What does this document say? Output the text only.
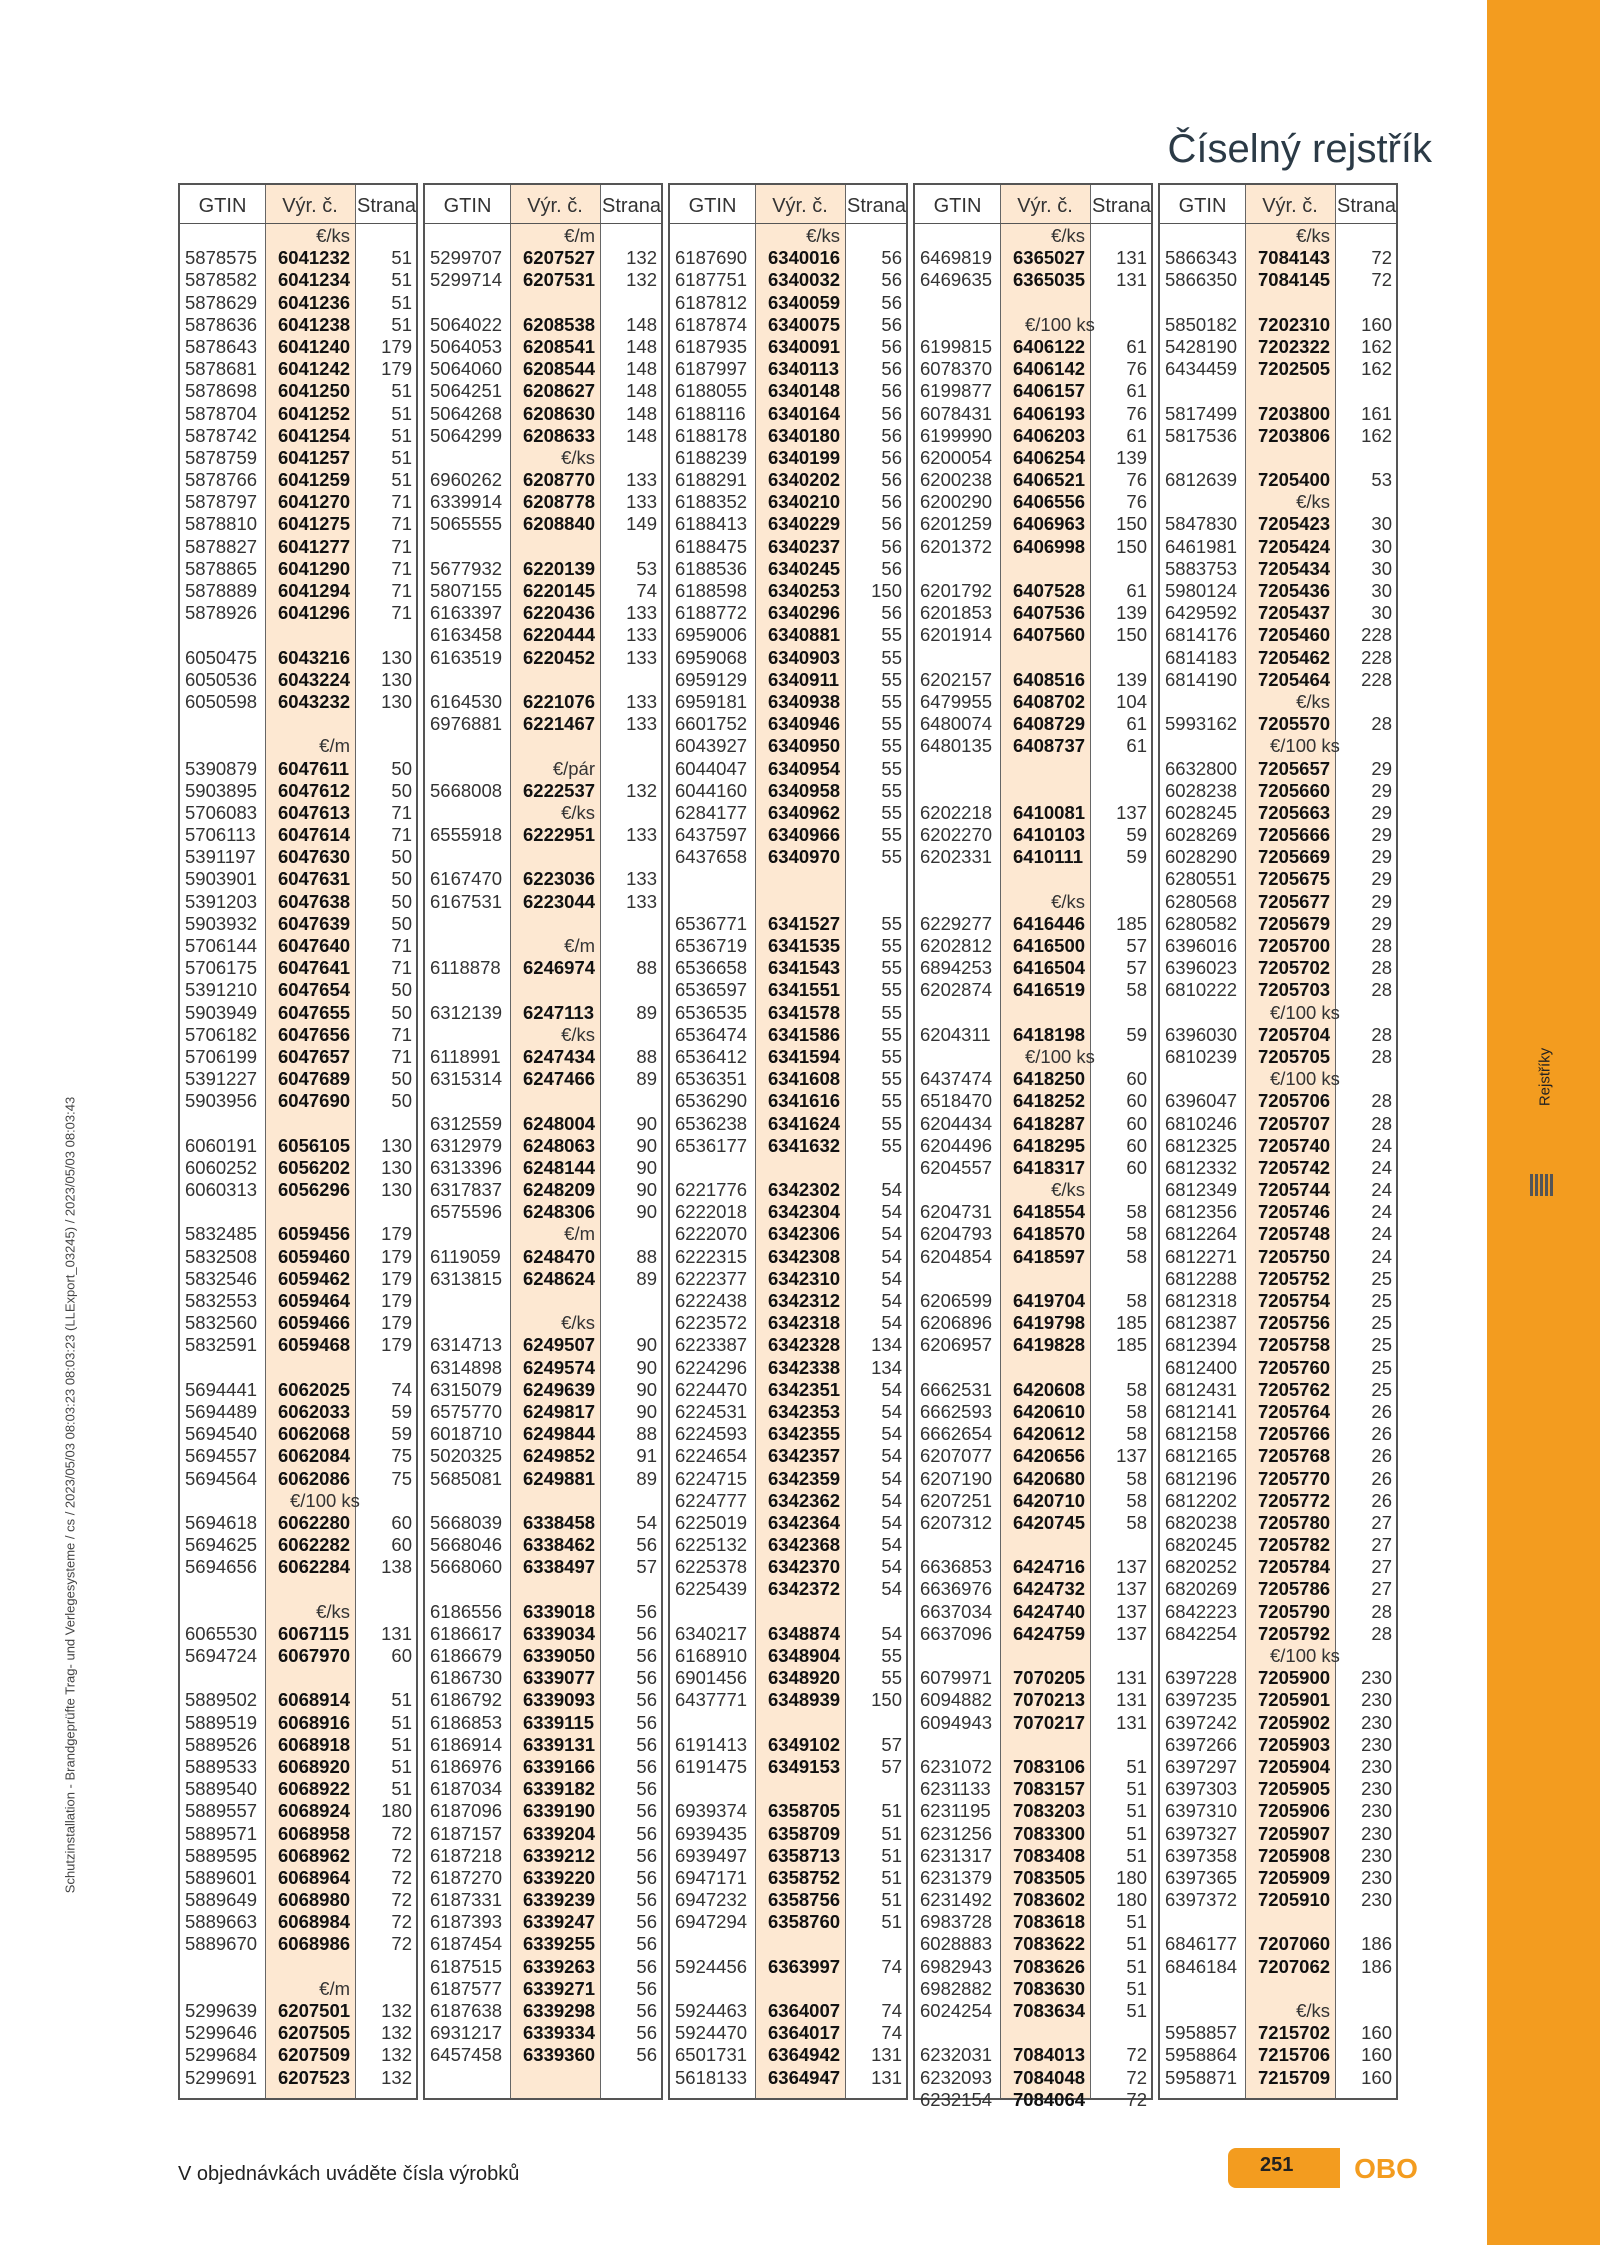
Rejstříky
Číselný rejstřík
Schutzinstallation - Brandgeprüfte Trag- und Verlegesysteme / cs / 2023/05/03 08:03:23 08:03:23 (LLExport_03245) / 2023/05/03 08:03:43
GTIN	Výr. č. Strana
€/ks
5878575 6041232 51
5878582 6041234 51
5878629 6041236 51
5878636 6041238 51
5878643 6041240 179
5878681 6041242 179
5878698 6041250 51
5878704 6041252 51
5878742 6041254 51
5878759 6041257 51
5878766 6041259 51
5878797 6041270 71
5878810 6041275 71
5878827 6041277 71
5878865 6041290 71
5878889 6041294 71
5878926 6041296 71
6050475 6043216 130
6050536 6043224 130
6050598 6043232 130
€/m
5390879 6047611 50
5903895 6047612 50
5706083 6047613 71
5706113 6047614 71
5391197 6047630 50
5903901 6047631 50
5391203 6047638 50
5903932 6047639 50
5706144 6047640 71
5706175 6047641 71
5391210 6047654 50
5903949 6047655 50
5706182 6047656 71
5706199 6047657 71
5391227 6047689 50
5903956 6047690 50
6060191 6056105 130
6060252 6056202 130
6060313 6056296 130
5832485 6059456 179
5832508 6059460 179
5832546 6059462 179
5832553 6059464 179
5832560 6059466 179
5832591 6059468 179
5694441 6062025 74
5694489 6062033 59
5694540 6062068 59
5694557 6062084 75
5694564 6062086 75
€/100 ks
5694618 6062280 60
5694625 6062282 60
5694656 6062284 138
€/ks
6065530 6067115 131
5694724 6067970 60
5889502 6068914 51
5889519 6068916 51
5889526 6068918 51
5889533 6068920 51
5889540 6068922 51
5889557 6068924 180
5889571 6068958 72
5889595 6068962 72
5889601 6068964 72
5889649 6068980 72
5889663 6068984 72
5889670 6068986 72
€/m
5299639 6207501 132
5299646 6207505 132
5299684 6207509 132
5299691 6207523 132
GTIN	Výr. č. Strana
€/m
5299707 6207527 132
5299714 6207531 132
5064022 6208538 148
5064053 6208541 148
5064060 6208544 148
5064251 6208627 148
5064268 6208630 148
5064299 6208633 148
€/ks
6960262 6208770 133
6339914 6208778 133
5065555 6208840 149
5677932 6220139 53
5807155 6220145 74
6163397 6220436 133
6163458 6220444 133
6163519 6220452 133
6164530 6221076 133
6976881 6221467 133
€/pár
5668008 6222537 132
€/ks
6555918 6222951 133
6167470 6223036 133
6167531 6223044 133
€/m
6118878 6246974 88
6312139 6247113 89
€/ks
6118991 6247434 88
6315314 6247466 89
6312559 6248004 90
6312979 6248063 90
6313396 6248144 90
6317837 6248209 90
6575596 6248306 90
€/m
6119059 6248470 88
6313815 6248624 89
€/ks
6314713 6249507 90
6314898 6249574 90
6315079 6249639 90
6575770 6249817 90
6018710 6249844 88
5020325 6249852 91
5685081 6249881 89
5668039 6338458 54
5668046 6338462 56
5668060 6338497 57
6186556 6339018 56
6186617 6339034 56
6186679 6339050 56
6186730 6339077 56
6186792 6339093 56
6186853 6339115 56
6186914 6339131 56
6186976 6339166 56
6187034 6339182 56
6187096 6339190 56
6187157 6339204 56
6187218 6339212 56
6187270 6339220 56
6187331 6339239 56
6187393 6339247 56
6187454 6339255 56
6187515 6339263 56
6187577 6339271 56
6187638 6339298 56
6931217 6339334 56
6457458 6339360 56
GTIN	Výr. č. Strana
€/ks
6187690 6340016 56
6187751 6340032 56
6187812 6340059 56
6187874 6340075 56
6187935 6340091 56
6187997 6340113 56
6188055 6340148 56
6188116 6340164 56
6188178 6340180 56
6188239 6340199 56
6188291 6340202 56
6188352 6340210 56
6188413 6340229 56
6188475 6340237 56
6188536 6340245 56
6188598 6340253 150
6188772 6340296 56
6959006 6340881 55
6959068 6340903 55
6959129 6340911 55
6959181 6340938 55
6601752 6340946 55
6043927 6340950 55
6044047 6340954 55
6044160 6340958 55
6284177 6340962 55
6437597 6340966 55
6437658 6340970 55
6536771 6341527 55
6536719 6341535 55
6536658 6341543 55
6536597 6341551 55
6536535 6341578 55
6536474 6341586 55
6536412 6341594 55
6536351 6341608 55
6536290 6341616 55
6536238 6341624 55
6536177 6341632 55
6221776 6342302 54
6222018 6342304 54
6222070 6342306 54
6222315 6342308 54
6222377 6342310 54
6222438 6342312 54
6223572 6342318 54
6223387 6342328 134
6224296 6342338 134
6224470 6342351 54
6224531 6342353 54
6224593 6342355 54
6224654 6342357 54
6224715 6342359 54
6224777 6342362 54
6225019 6342364 54
6225132 6342368 54
6225378 6342370 54
6225439 6342372 54
6340217 6348874 54
6168910 6348904 55
6901456 6348920 55
6437771 6348939 150
6191413 6349102 57
6191475 6349153 57
6939374 6358705 51
6939435 6358709 51
6939497 6358713 51
6947171 6358752 51
6947232 6358756 51
6947294 6358760 51
5924456 6363997 74
5924463 6364007 74
5924470 6364017 74
6501731 6364942 131
5618133 6364947 131
GTIN	Výr. č. Strana
€/ks
6469819 6365027 131
6469635 6365035 131
€/100 ks
6199815 6406122 61
6078370 6406142 76
6199877 6406157 61
6078431 6406193 76
6199990 6406203 61
6200054 6406254 139
6200238 6406521 76
6200290 6406556 76
6201259 6406963 150
6201372 6406998 150
6201792 6407528 61
6201853 6407536 139
6201914 6407560 150
6202157 6408516 139
6479955 6408702 104
6480074 6408729 61
6480135 6408737 61
6202218 6410081 137
6202270 6410103 59
6202331 6410111 59
€/ks
6229277 6416446 185
6202812 6416500 57
6894253 6416504 57
6202874 6416519 58
6204311 6418198 59
€/100 ks
6437474 6418250 60
6518470 6418252 60
6204434 6418287 60
6204496 6418295 60
6204557 6418317 60
€/ks
6204731 6418554 58
6204793 6418570 58
6204854 6418597 58
6206599 6419704 58
6206896 6419798 185
6206957 6419828 185
6662531 6420608 58
6662593 6420610 58
6662654 6420612 58
6207077 6420656 137
6207190 6420680 58
6207251 6420710 58
6207312 6420745 58
6636853 6424716 137
6636976 6424732 137
6637034 6424740 137
6637096 6424759 137
6079971 7070205 131
6094882 7070213 131
6094943 7070217 131
6231072 7083106 51
6231133 7083157 51
6231195 7083203 51
6231256 7083300 51
6231317 7083408 51
6231379 7083505 180
6231492 7083602 180
6983728 7083618 51
6028883 7083622 51
6982943 7083626 51
6982882 7083630 51
6024254 7083634 51
6232031 7084013 72
6232093 7084048 72
6232154 7084064 72
GTIN	Výr. č. Strana
€/ks
5866343 7084143 72
5866350 7084145 72
5850182 7202310 160
5428190 7202322 162
6434459 7202505 162
5817499 7203800 161
5817536 7203806 162
6812639 7205400 53
€/ks
5847830 7205423 30
6461981 7205424 30
5883753 7205434 30
5980124 7205436 30
6429592 7205437 30
6814176 7205460 228
6814183 7205462 228
6814190 7205464 228
€/ks
5993162 7205570 28
€/100 ks
6632800 7205657 29
6028238 7205660 29
6028245 7205663 29
6028269 7205666 29
6028290 7205669 29
6280551 7205675 29
6280568 7205677 29
6280582 7205679 29
6396016 7205700 28
6396023 7205702 28
6810222 7205703 28
€/100 ks
6396030 7205704 28
6810239 7205705 28
€/100 ks
6396047 7205706 28
6810246 7205707 28
6812325 7205740 24
6812332 7205742 24
6812349 7205744 24
6812356 7205746 24
6812264 7205748 24
6812271 7205750 24
6812288 7205752 25
6812318 7205754 25
6812387 7205756 25
6812394 7205758 25
6812400 7205760 25
6812431 7205762 25
6812141 7205764 26
6812158 7205766 26
6812165 7205768 26
6812196 7205770 26
6812202 7205772 26
6820238 7205780 27
6820245 7205782 27
6820252 7205784 27
6820269 7205786 27
6842223 7205790 28
6842254 7205792 28
€/100 ks
6397228 7205900 230
6397235 7205901 230
6397242 7205902 230
6397266 7205903 230
6397297 7205904 230
6397303 7205905 230
6397310 7205906 230
6397327 7205907 230
6397358 7205908 230
6397365 7205909 230
6397372 7205910 230
6846177 7207060 186
6846184 7207062 186
€/ks
5958857 7215702 160
5958864 7215706 160
5958871 7215709 160
V objednávkách uváděte čísla výrobků	251 OBO
